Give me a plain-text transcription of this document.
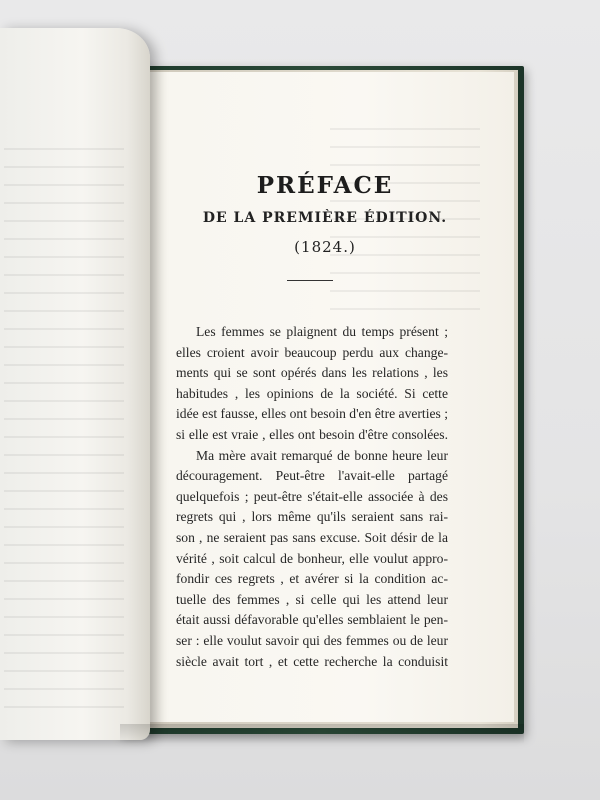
PRÉFACE
DE LA PREMIÈRE ÉDITION.
(1824.)
Les femmes se plaignent du temps présent ;
elles croient avoir beaucoup perdu aux change-
ments qui se sont opérés dans les relations , les
habitudes , les opinions de la société. Si cette
idée est fausse, elles ont besoin d'en être averties ;
si elle est vraie , elles ont besoin d'être consolées.
Ma mère avait remarqué de bonne heure leur
découragement. Peut-être l'avait-elle partagé
quelquefois ; peut-être s'était-elle associée à des
regrets qui , lors même qu'ils seraient sans rai-
son , ne seraient pas sans excuse. Soit désir de la
vérité , soit calcul de bonheur, elle voulut appro-
fondir ces regrets , et avérer si la condition ac-
tuelle des femmes , si celle qui les attend leur
était aussi défavorable qu'elles semblaient le pen-
ser : elle voulut savoir qui des femmes ou de leur
siècle avait tort , et cette recherche la conduisit
